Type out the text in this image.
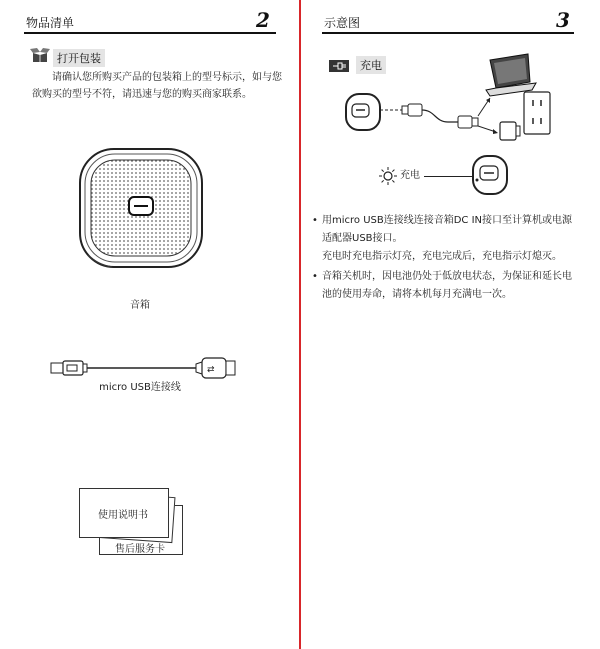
物品清单	2
打开包装
请确认您所购买产品的包装箱上的型号标示，如与您欲购买的型号不符，请迅速与您的购买商家联系。
音箱
⇄
micro USB连接线
使用说明书
售后服务卡
示意图	3
充电
充电
• 用micro USB连接线连接音箱DC IN接口至计算机或电源
适配器USB接口。
充电时充电指示灯亮，充电完成后，充电指示灯熄灭。
• 音箱关机时，因电池仍处于低放电状态，为保证和延长电
池的使用寿命，请将本机每月充满电一次。
